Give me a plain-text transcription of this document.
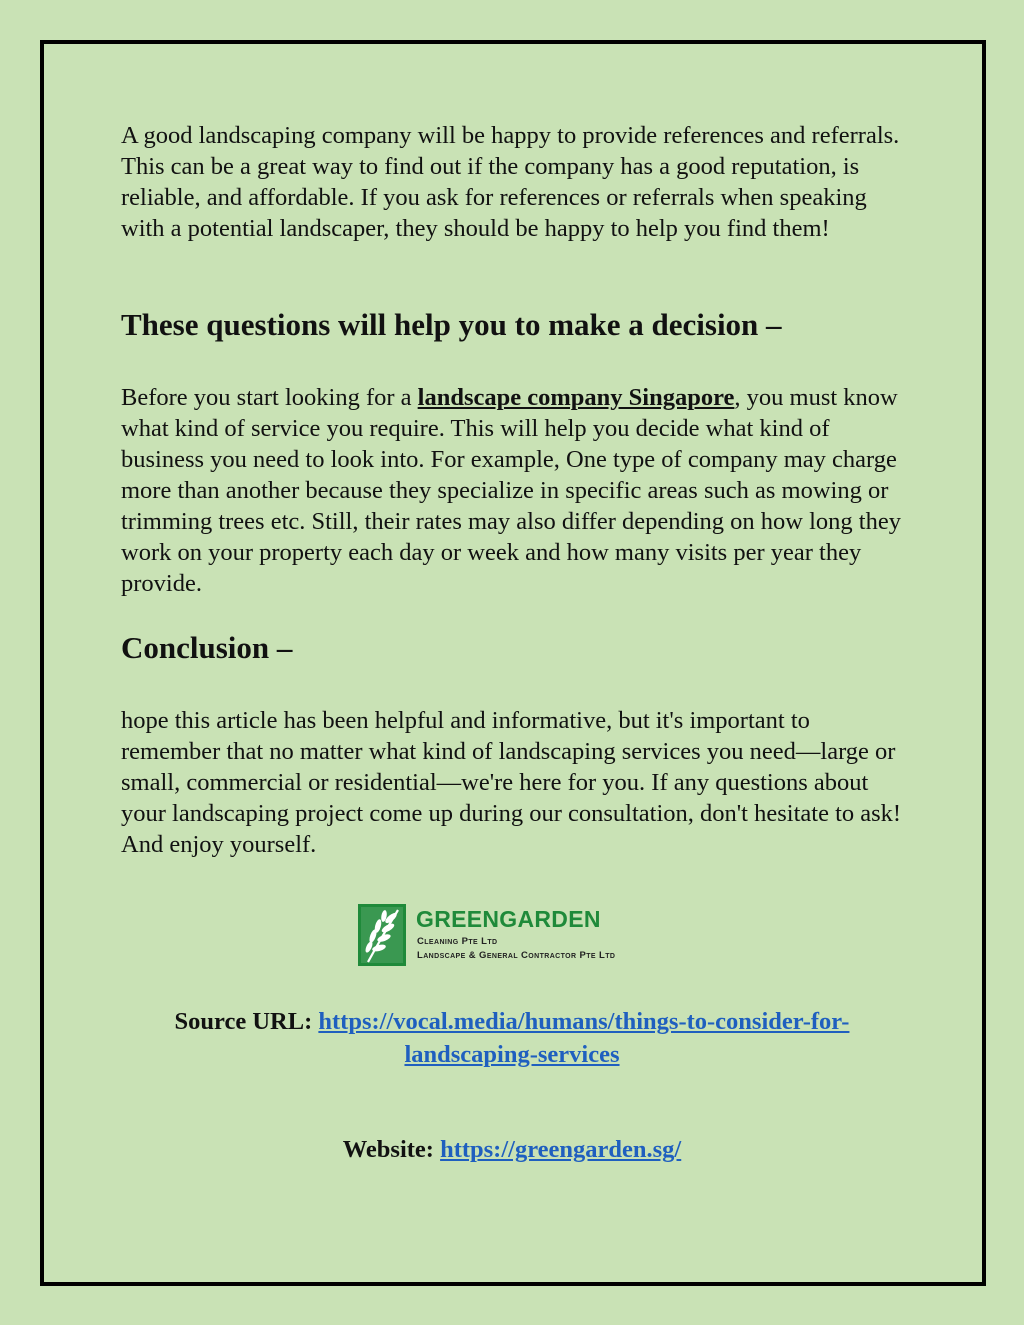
A good landscaping company will be happy to provide references and referrals. This can be a great way to find out if the company has a good reputation, is reliable, and affordable. If you ask for references or referrals when speaking with a potential landscaper, they should be happy to help you find them!

These questions will help you to make a decision –

Before you start looking for a landscape company Singapore, you must know what kind of service you require. This will help you decide what kind of business you need to look into. For example, One type of company may charge more than another because they specialize in specific areas such as mowing or trimming trees etc. Still, their rates may also differ depending on how long they work on your property each day or week and how many visits per year they provide.

Conclusion –

hope this article has been helpful and informative, but it's important to remember that no matter what kind of landscaping services you need—large or small, commercial or residential—we're here for you. If any questions about your landscaping project come up during our consultation, don't hesitate to ask! And enjoy yourself.

GREENGARDEN
Cleaning Pte Ltd
Landscape & General Contractor Pte Ltd
Source URL: https://vocal.media/humans/things-to-consider-for-landscaping-services
Website: https://greengarden.sg/
